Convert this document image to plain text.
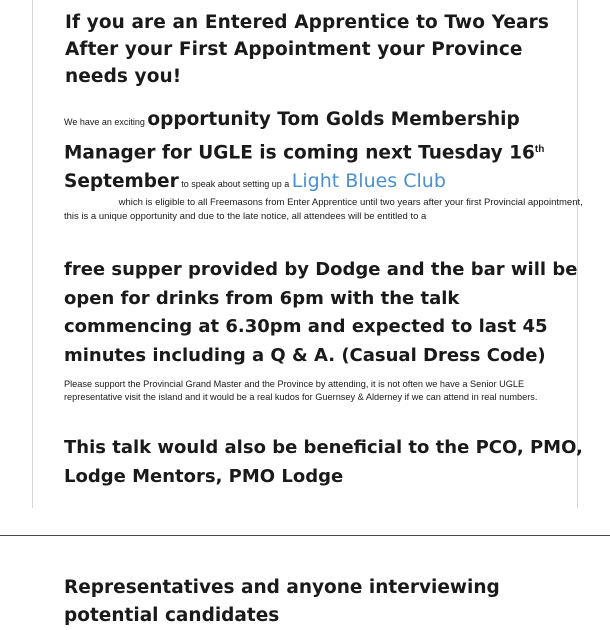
If you are an Entered Apprentice to Two Years After your First Appointment your Province needs you!
We have an exciting opportunity Tom Golds Membership Manager for UGLE is coming next Tuesday 16th September to speak about setting up a Light Blues Club
which is eligible to all Freemasons from Enter Apprentice until two years after your first Provincial appointment, this is a unique opportunity and due to the late notice, all attendees will be entitled to a
free supper provided by Dodge and the bar will be open for drinks from 6pm with the talk commencing at 6.30pm and expected to last 45 minutes including a Q & A. (Casual Dress Code)
Please support the Provincial Grand Master and the Province by attending, it is not often we have a Senior UGLE representative visit the island and it would be a real kudos for Guernsey & Alderney if we can attend in real numbers.
This talk would also be beneficial to the PCO, PMO, Lodge Mentors, PMO Lodge
Representatives and anyone interviewing potential candidates
